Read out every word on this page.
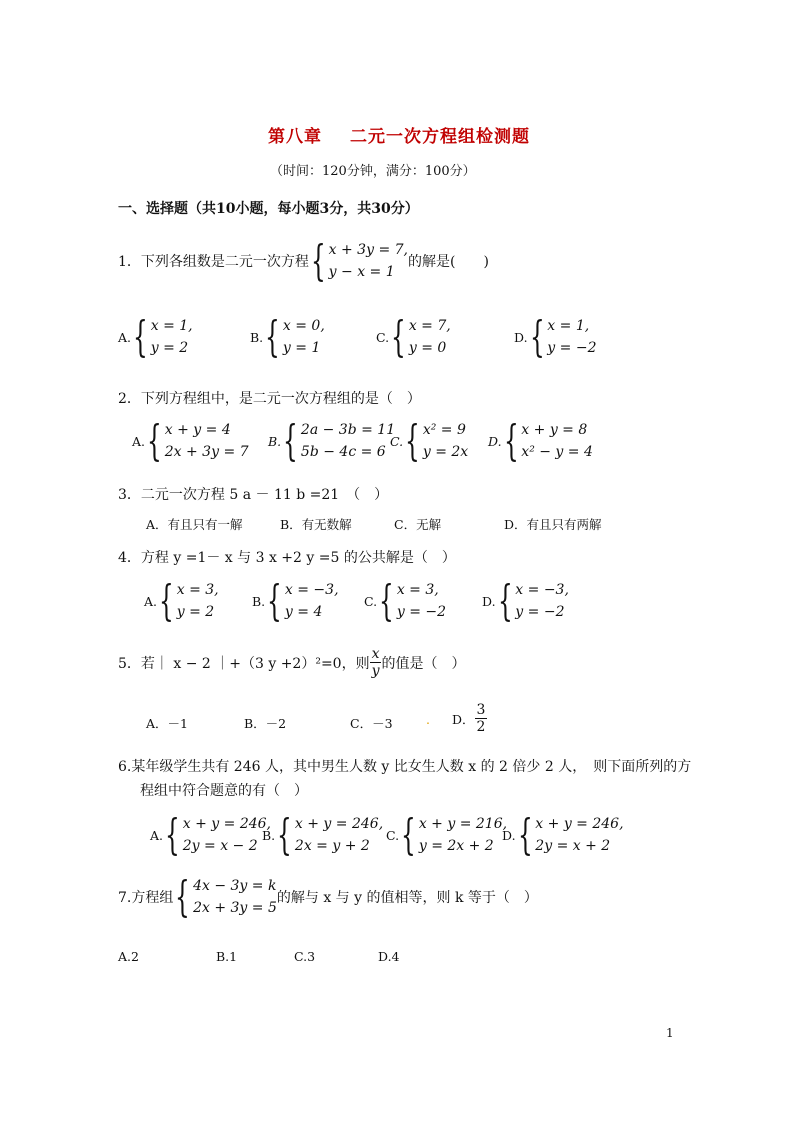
第八章 二元一次方程组检测题
（时间：120分钟，满分：100分）
一、选择题（共10小题，每小题3分，共30分）
1．下列各组数是二元一次方程 { x + 3y = 7,
y − x = 1
的解是(　　)
A. { x = 1,
y = 2
B. { x = 0,
y = 1
C. { x = 7,
y = 0
D. { x = 1,
y = −2
2．下列方程组中，是二元一次方程组的是（　）
A. { x + y = 4
2x + 3y = 7
B. { 2a − 3b = 11
5b − 4c = 6
C. { x² = 9
y = 2x
D. { x + y = 8
x² − y = 4
3．二元一次方程 5 a － 11 b =21　（　）
A．有且只有一解	B．有无数解	C．无解	D．有且只有两解
4．方程 y =1－ x 与 3 x +2 y =5 的公共解是（　）
A. { x = 3,
y = 2
B. { x = −3,
y = 4
C. { x = 3,
y = −2
D. { x = −3,
y = −2
5．若｜ x − 2 ｜+（3 y +2）²=0，则 $\frac{x}{y}$ 的值是（　）
A．－1	B．－2	C．－3	. D． $\frac{3}{2}$
6.某年级学生共有 246 人，其中男生人数 y 比女生人数 x 的 2 倍少 2 人，　则下面所列的方
程组中符合题意的有（　）
A. { x + y = 246,
2y = x − 2
B. { x + y = 246,
2x = y + 2
C. { x + y = 216,
y = 2x + 2
D. { x + y = 246,
2y = x + 2
7.方程组 { 4x − 3y = k
2x + 3y = 5
的解与 x 与 y 的值相等，则 k 等于（　）
A.2	B.1	C.3	D.4
1
